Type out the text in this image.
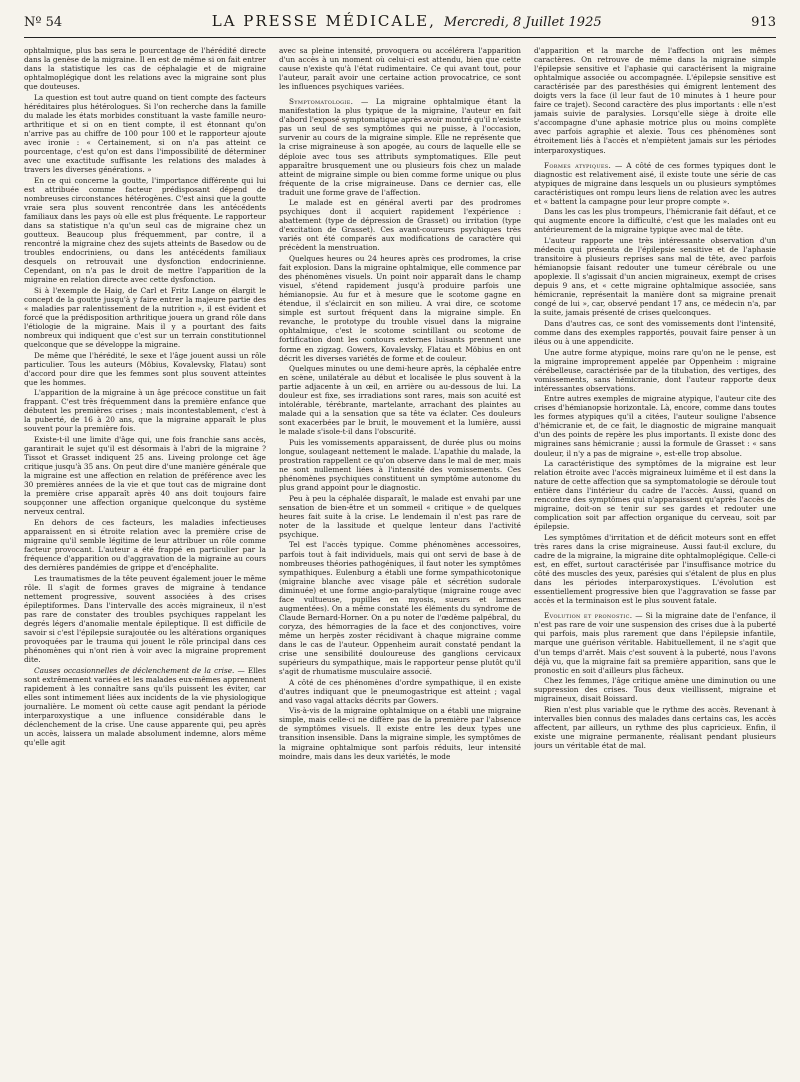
Nº 54	LA PRESSE MÉDICALE, Mercredi, 8 Juillet 1925	913

ophtalmique, plus bas sera le pourcentage de l'hérédité directe dans la genèse de la migraine. Il en est de même si on fait entrer dans la statistique les cas de céphalagie et de migraine ophtalmoplégique dont les relations avec la migraine sont plus que douteuses.

La question est tout autre quand on tient compte des facteurs héréditaires plus hétérologues. Si l'on recherche dans la famille du malade les états morbides constituant la vaste famille neuro-arthritique et si on en tient compte, il est étonnant qu'on n'arrive pas au chiffre de 100 pour 100 et le rapporteur ajoute avec ironie : « Certainement, si on n'a pas atteint ce pourcentage, c'est qu'on est dans l'impossibilité de déterminer avec une exactitude suffisante les relations des malades à travers les diverses générations. »

En ce qui concerne la goutte, l'importance différente qui lui est attribuée comme facteur prédisposant dépend de nombreuses circonstances hétérogènes. C'est ainsi que la goutte vraie sera plus souvent rencontrée dans les antécédents familiaux dans les pays où elle est plus fréquente. Le rapporteur dans sa statistique n'a qu'un seul cas de migraine chez un goutteux. Beaucoup plus fréquemment, par contre, il a rencontré la migraine chez des sujets atteints de Basedow ou de troubles endocriniens, ou dans les antécédents familiaux desquels on retrouvait une dysfonction endocrinienne. Cependant, on n'a pas le droit de mettre l'apparition de la migraine en relation directe avec cette dysfonction.

Si à l'exemple de Haig, de Carl et Fritz Lange on élargit le concept de la goutte jusqu'à y faire entrer la majeure partie des « maladies par ralentissement de la nutrition », il est évident et forcé que la prédisposition arthritique jouera un grand rôle dans l'étiologie de la migraine. Mais il y a pourtant des faits nombreux qui indiquent que c'est sur un terrain constitutionnel quelconque que se développe la migraine.

De même que l'hérédité, le sexe et l'âge jouent aussi un rôle particulier. Tous les auteurs (Möbius, Kovalevsky, Flatau) sont d'accord pour dire que les femmes sont plus souvent atteintes que les hommes.

L'apparition de la migraine à un âge précoce constitue un fait frappant. C'est très fréquemment dans la première enfance que débutent les premières crises ; mais incontestablement, c'est à la puberté, de 16 à 20 ans, que la migraine apparaît le plus souvent pour la première fois.

Existe-t-il une limite d'âge qui, une fois franchie sans accès, garantirait le sujet qu'il est désormais à l'abri de la migraine ? Tissot et Grasset indiquent 25 ans. Liveing prolonge cet âge critique jusqu'à 35 ans. On peut dire d'une manière générale que la migraine est une affection en relation de préférence avec les 30 premières années de la vie et que tout cas de migraine dont la première crise apparaît après 40 ans doit toujours faire soupçonner une affection organique quelconque du système nerveux central.

En dehors de ces facteurs, les maladies infectieuses apparaissent en si étroite relation avec la première crise de migraine qu'il semble légitime de leur attribuer un rôle comme facteur provocant. L'auteur a été frappé en particulier par la fréquence d'apparition ou d'aggravation de la migraine au cours des dernières pandémies de grippe et d'encéphalite.

Les traumatismes de la tête peuvent également jouer le même rôle. Il s'agit de formes graves de migraine à tendance nettement progressive, souvent associées à des crises épileptiformes. Dans l'intervalle des accès migraineux, il n'est pas rare de constater des troubles psychiques rappelant les degrés légers d'anomalie mentale épileptique. Il est difficile de savoir si c'est l'épilepsie surajoutée ou les altérations organiques provoquées par le trauma qui jouent le rôle principal dans ces phénomènes qui n'ont rien à voir avec la migraine proprement dite.

Causes occasionnelles de déclenchement de la crise. — Elles sont extrêmement variées et les malades eux-mêmes apprennent rapidement à les connaître sans qu'ils puissent les éviter, car elles sont intimement liées aux incidents de la vie physiologique journalière. Le moment où cette cause agit pendant la période interparoxystique a une influence considérable dans le déclenchement de la crise. Une cause apparente qui, peu après un accès, laissera un malade absolument indemne, alors même qu'elle agit

avec sa pleine intensité, provoquera ou accélérera l'apparition d'un accès à un moment où celui-ci est attendu, bien que cette cause n'existe qu'à l'état rudimentaire. Ce qui avant tout, pour l'auteur, paraît avoir une certaine action provocatrice, ce sont les influences psychiques variées.

Symptomatologie. — La migraine ophtalmique étant la manifestation la plus typique de la migraine, l'auteur en fait d'abord l'exposé symptomatique après avoir montré qu'il n'existe pas un seul de ses symptômes qui ne puisse, à l'occasion, survenir au cours de la migraine simple. Elle ne représente que la crise migraineuse à son apogée, au cours de laquelle elle se déploie avec tous ses attributs symptomatiques. Elle peut apparaître brusquement une ou plusieurs fois chez un malade atteint de migraine simple ou bien comme forme unique ou plus fréquente de la crise migraineuse. Dans ce dernier cas, elle traduit une forme grave de l'affection.

Le malade est en général averti par des prodromes psychiques dont il acquiert rapidement l'expérience : abattement (type de dépression de Grasset) ou irritation (type d'excitation de Grasset). Ces avant-coureurs psychiques très variés ont été comparés aux modifications de caractère qui précèdent la menstruation.

Quelques heures ou 24 heures après ces prodromes, la crise fait explosion. Dans la migraine ophtalmique, elle commence par des phénomènes visuels. Un point noir apparaît dans le champ visuel, s'étend rapidement jusqu'à produire parfois une hémianopsie. Au fur et à mesure que le scotome gagne en étendue, il s'éclaircit en son milieu. A vrai dire, ce scotome simple est surtout fréquent dans la migraine simple. En revanche, le prototype du trouble visuel dans la migraine ophtalmique, c'est le scotome scintillant ou scotome de fortification dont les contours externes luisants prennent une forme en zigzag. Gowers, Kovalevsky, Flatau et Möbius en ont décrit les diverses variétés de forme et de couleur.

Quelques minutes ou une demi-heure après, la céphalée entre en scène, unilatérale au début et localisée le plus souvent à la partie adjacente à un œil, en arrière ou au-dessous de lui. La douleur est fixe, ses irradiations sont rares, mais son acuité est intolérable, térébrante, martelante, arrachant des plaintes au malade qui a la sensation que sa tête va éclater. Ces douleurs sont exacerbées par le bruit, le mouvement et la lumière, aussi le malade s'isole-t-il dans l'obscurité.

Puis les vomissements apparaissent, de durée plus ou moins longue, soulageant nettement le malade. L'apathie du malade, la prostration rappellent ce qu'on observe dans le mal de mer, mais ne sont nullement liées à l'intensité des vomissements. Ces phénomènes psychiques constituent un symptôme autonome du plus grand appoint pour le diagnostic.

Peu à peu la céphalée disparaît, le malade est envahi par une sensation de bien-être et un sommeil « critique » de quelques heures fait suite à la crise. Le lendemain il n'est pas rare de noter de la lassitude et quelque lenteur dans l'activité psychique.

Tel est l'accès typique. Comme phénomènes accessoires, parfois tout à fait individuels, mais qui ont servi de base à de nombreuses théories pathogéniques, il faut noter les symptômes sympathiques. Eulenburg a établi une forme sympathicotonique (migraine blanche avec visage pâle et sécrétion sudorale diminuée) et une forme angio-paralytique (migraine rouge avec face vultueuse, pupilles en myosis, sueurs et larmes augmentées). On a même constaté les éléments du syndrome de Claude Bernard-Horner. On a pu noter de l'œdème palpébral, du coryza, des hémorragies de la face et des conjonctives, voire même un herpès zoster récidivant à chaque migraine comme dans le cas de l'auteur. Oppenheim aurait constaté pendant la crise une sensibilité douloureuse des ganglions cervicaux supérieurs du sympathique, mais le rapporteur pense plutôt qu'il s'agit de rhumatisme musculaire associé.

A côté de ces phénomènes d'ordre sympathique, il en existe d'autres indiquant que le pneumogastrique est atteint ; vagal and vaso vagal attacks décrits par Gowers.

Vis-à-vis de la migraine ophtalmique on a établi une migraine simple, mais celle-ci ne diffère pas de la première par l'absence de symptômes visuels. Il existe entre les deux types une transition insensible. Dans la migraine simple, les symptômes de la migraine ophtalmique sont parfois réduits, leur intensité moindre, mais dans les deux variétés, le mode

d'apparition et la marche de l'affection ont les mêmes caractères. On retrouve de même dans la migraine simple l'épilepsie sensitive et l'aphasie qui caractérisent la migraine ophtalmique associée ou accompagnée. L'épilepsie sensitive est caractérisée par des paresthésies qui émigrent lentement des doigts vers la face (il leur faut de 10 minutes à 1 heure pour faire ce trajet). Second caractère des plus importants : elle n'est jamais suivie de paralysies. Lorsqu'elle siège à droite elle s'accompagne d'une aphasie motrice plus ou moins complète avec parfois agraphie et alexie. Tous ces phénomènes sont étroitement liés à l'accès et n'empiètent jamais sur les périodes interparoxystiques.

Formes atypiques. — A côté de ces formes typiques dont le diagnostic est relativement aisé, il existe toute une série de cas atypiques de migraine dans lesquels un ou plusieurs symptômes caractéristiques ont rompu leurs liens de relation avec les autres et « battent la campagne pour leur propre compte ».

Dans les cas les plus trompeurs, l'hémicranie fait défaut, et ce qui augmente encore la difficulté, c'est que les malades ont eu antérieurement de la migraine typique avec mal de tête.

L'auteur rapporte une très intéressante observation d'un médecin qui présenta de l'épilepsie sensitive et de l'aphasie transitoire à plusieurs reprises sans mal de tête, avec parfois hémianopsie faisant redouter une tumeur cérébrale ou une apoplexie. Il s'agissait d'un ancien migraineux, exempt de crises depuis 9 ans, et « cette migraine ophtalmique associée, sans hémicranie, représentait la manière dont sa migraine prenait congé de lui », car, observé pendant 17 ans, ce médecin n'a, par la suite, jamais présenté de crises quelconques.

Dans d'autres cas, ce sont des vomissements dont l'intensité, comme dans des exemples rapportés, pouvait faire penser à un iléus ou à une appendicite.

Une autre forme atypique, moins rare qu'on ne le pense, est la migraine improprement appelée par Oppenheim : migraine cérébelleuse, caractérisée par de la titubation, des vertiges, des vomissements, sans hémicranie, dont l'auteur rapporte deux intéressantes observations.

Entre autres exemples de migraine atypique, l'auteur cite des crises d'hémianopsie horizontale. Là, encore, comme dans toutes les formes atypiques qu'il a citées, l'auteur souligne l'absence d'hémicranie et, de ce fait, le diagnostic de migraine manquait d'un des points de repère les plus importants. Il existe donc des migraines sans hémicranie ; aussi la formule de Grasset : « sans douleur, il n'y a pas de migraine », est-elle trop absolue.

La caractéristique des symptômes de la migraine est leur relation étroite avec l'accès migraineux luimême et il est dans la nature de cette affection que sa symptomatologie se déroule tout entière dans l'intérieur du cadre de l'accès. Aussi, quand on rencontre des symptômes qui n'apparaissent qu'après l'accès de migraine, doit-on se tenir sur ses gardes et redouter une complication soit par affection organique du cerveau, soit par épilepsie.

Les symptômes d'irritation et de déficit moteurs sont en effet très rares dans la crise migraineuse. Aussi faut-il exclure, du cadre de la migraine, la migraine dite ophtalmoplégique. Celle-ci est, en effet, surtout caractérisée par l'insuffisance motrice du côté des muscles des yeux, parésies qui s'étalent de plus en plus dans les périodes interparoxystiques. L'évolution est essentiellement progressive bien que l'aggravation se fasse par accès et la terminaison est le plus souvent fatale.

Evolution et pronostic. — Si la migraine date de l'enfance, il n'est pas rare de voir une suspension des crises due à la puberté qui parfois, mais plus rarement que dans l'épilepsie infantile, marque une guérison véritable. Habituellement, il ne s'agit que d'un temps d'arrêt. Mais c'est souvent à la puberté, nous l'avons déjà vu, que la migraine fait sa première apparition, sans que le pronostic en soit d'ailleurs plus fâcheux.

Chez les femmes, l'âge critique amène une diminution ou une suppression des crises. Tous deux vieillissent, migraine et migraineux, disait Boissard.

Rien n'est plus variable que le rythme des accès. Revenant à intervalles bien connus des malades dans certains cas, les accès affectent, par ailleurs, un rythme des plus capricieux. Enfin, il existe une migraine permanente, réalisant pendant plusieurs jours un véritable état de mal.
